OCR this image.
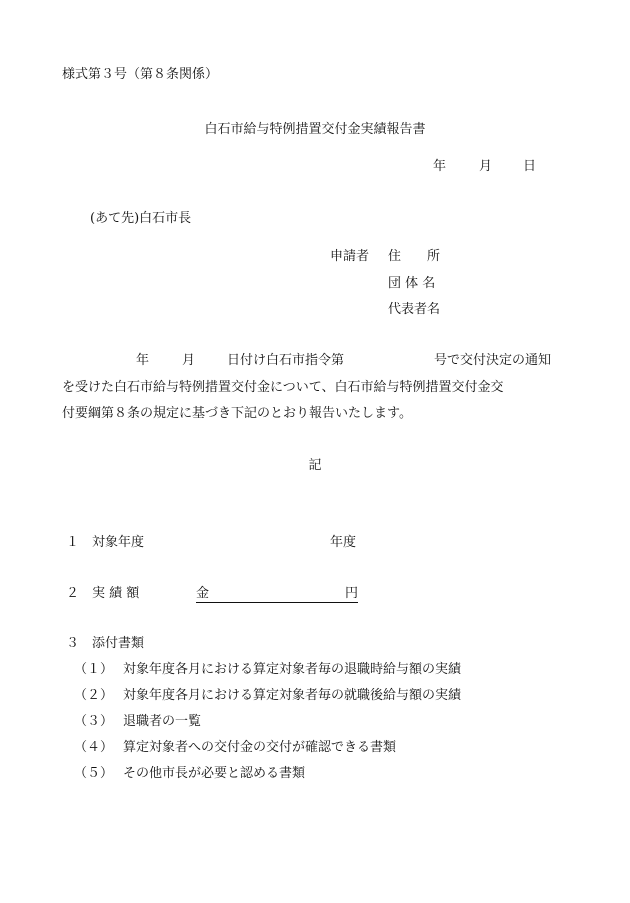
様式第３号（第８条関係）
白石市給与特例措置交付金実績報告書
年	月 日
(あて先)白石市長
申請者 住　　所
団 体 名
代表者名
年	月 日付け白石市指令第	号で交付決定の通知
を受けた白石市給与特例措置交付金について、白石市給与特例措置交付金交
付要綱第８条の規定に基づき下記のとおり報告いたします。
記
１ 対象年度	年度
２ 実 績 額	金	円
３ 添付書類
（１） 対象年度各月における算定対象者毎の退職時給与額の実績
（２） 対象年度各月における算定対象者毎の就職後給与額の実績
（３） 退職者の一覧
（４） 算定対象者への交付金の交付が確認できる書類
（５） その他市長が必要と認める書類
